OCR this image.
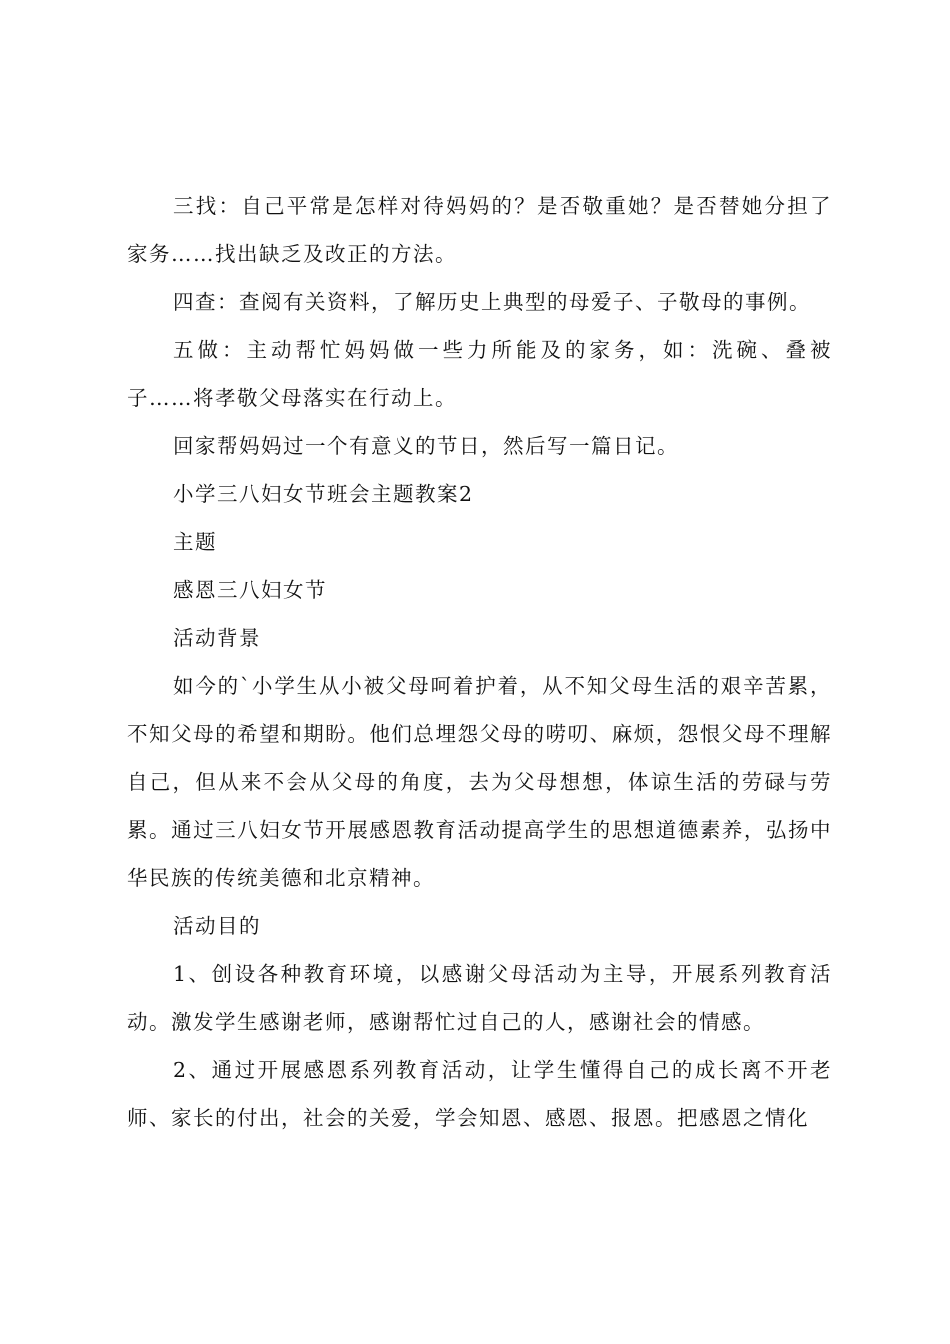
三找：自己平常是怎样对待妈妈的？是否敬重她？是否替她分担了家务……找出缺乏及改正的方法。

四查：查阅有关资料，了解历史上典型的母爱子、子敬母的事例。

五做：主动帮忙妈妈做一些力所能及的家务，如：洗碗、叠被子……将孝敬父母落实在行动上。

回家帮妈妈过一个有意义的节日，然后写一篇日记。

小学三八妇女节班会主题教案2

主题

感恩三八妇女节

活动背景

如今的`小学生从小被父母呵着护着，从不知父母生活的艰辛苦累，不知父母的希望和期盼。他们总埋怨父母的唠叨、麻烦，怨恨父母不理解自己，但从来不会从父母的角度，去为父母想想，体谅生活的劳碌与劳累。通过三八妇女节开展感恩教育活动提高学生的思想道德素养，弘扬中华民族的传统美德和北京精神。

活动目的

1、创设各种教育环境，以感谢父母活动为主导，开展系列教育活动。激发学生感谢老师，感谢帮忙过自己的人，感谢社会的情感。

2、通过开展感恩系列教育活动，让学生懂得自己的成长离不开老师、家长的付出，社会的关爱，学会知恩、感恩、报恩。把感恩之情化
